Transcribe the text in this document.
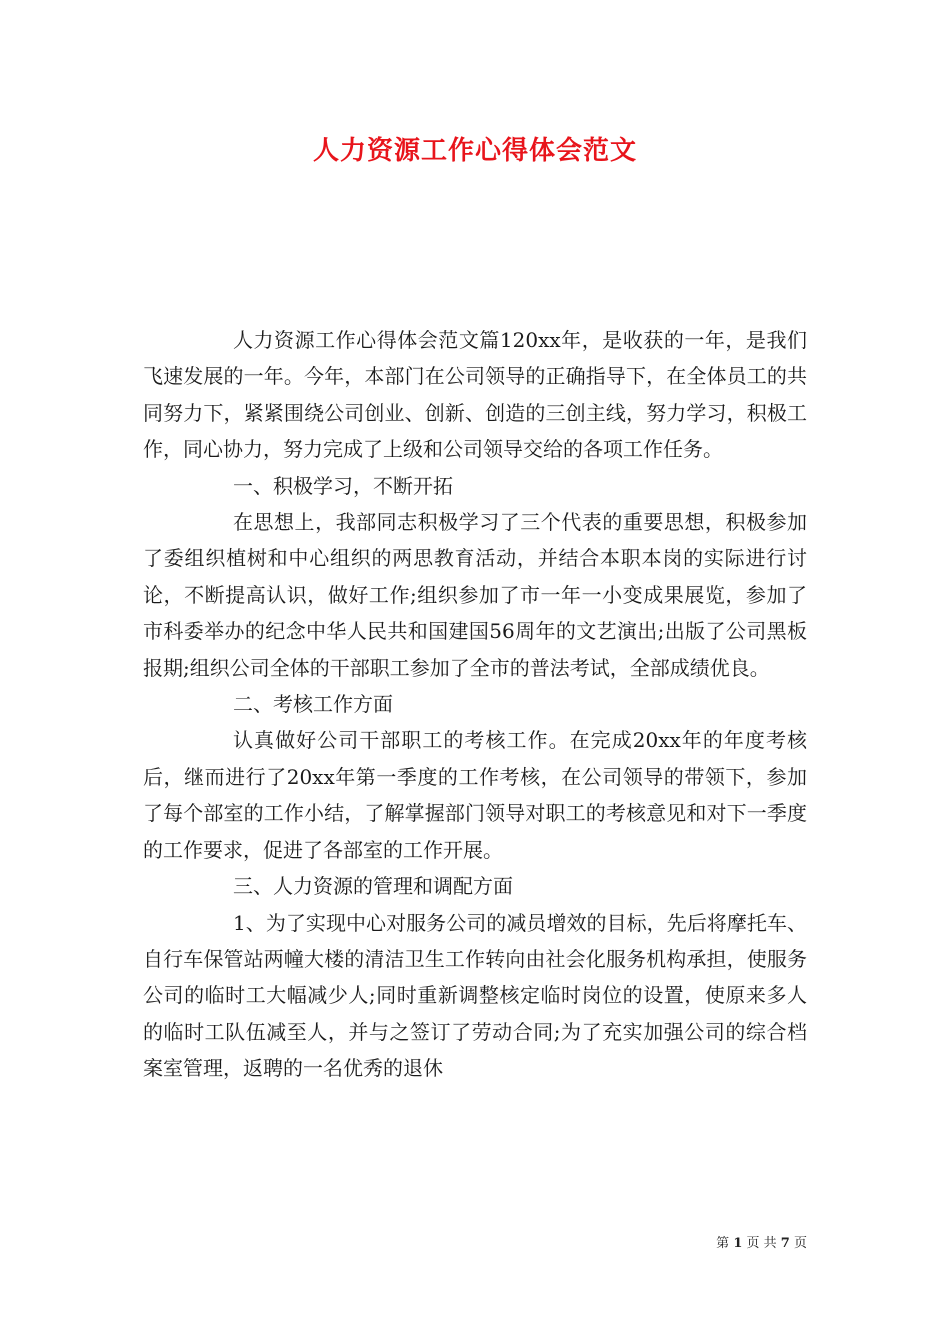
人力资源工作心得体会范文

人力资源工作心得体会范文篇120xx年，是收获的一年，是我们飞速发展的一年。今年，本部门在公司领导的正确指导下，在全体员工的共同努力下，紧紧围绕公司创业、创新、创造的三创主线，努力学习，积极工作，同心协力，努力完成了上级和公司领导交给的各项工作任务。

一、积极学习，不断开拓

在思想上，我部同志积极学习了三个代表的重要思想，积极参加了委组织植树和中心组织的两思教育活动，并结合本职本岗的实际进行讨论，不断提高认识，做好工作;组织参加了市一年一小变成果展览，参加了市科委举办的纪念中华人民共和国建国56周年的文艺演出;出版了公司黑板报期;组织公司全体的干部职工参加了全市的普法考试，全部成绩优良。

二、考核工作方面

认真做好公司干部职工的考核工作。在完成20xx年的年度考核后，继而进行了20xx年第一季度的工作考核，在公司领导的带领下，参加了每个部室的工作小结，了解掌握部门领导对职工的考核意见和对下一季度的工作要求，促进了各部室的工作开展。

三、人力资源的管理和调配方面

1、为了实现中心对服务公司的减员增效的目标，先后将摩托车、自行车保管站两幢大楼的清洁卫生工作转向由社会化服务机构承担，使服务公司的临时工大幅减少人;同时重新调整核定临时岗位的设置，使原来多人的临时工队伍减至人，并与之签订了劳动合同;为了充实加强公司的综合档案室管理，返聘的一名优秀的退休

第 1 页 共 7 页
